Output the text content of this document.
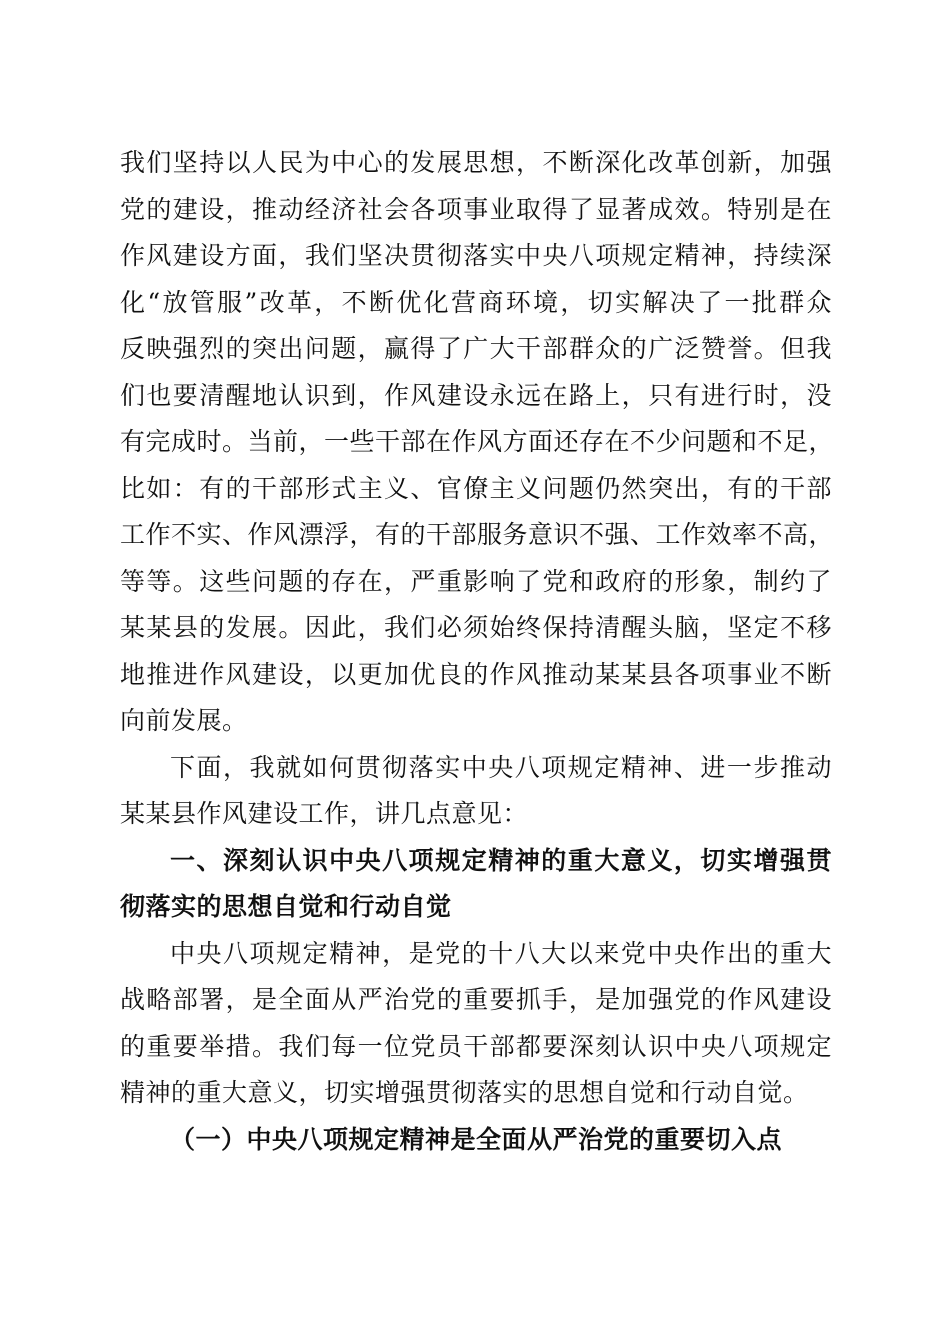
我们坚持以人民为中心的发展思想，不断深化改革创新，加强
党的建设，推动经济社会各项事业取得了显著成效。特别是在
作风建设方面，我们坚决贯彻落实中央八项规定精神，持续深
化“放管服”改革，不断优化营商环境，切实解决了一批群众
反映强烈的突出问题，赢得了广大干部群众的广泛赞誉。但我
们也要清醒地认识到，作风建设永远在路上，只有进行时，没
有完成时。当前，一些干部在作风方面还存在不少问题和不足，
比如：有的干部形式主义、官僚主义问题仍然突出，有的干部
工作不实、作风漂浮，有的干部服务意识不强、工作效率不高，
等等。这些问题的存在，严重影响了党和政府的形象，制约了
某某县的发展。因此，我们必须始终保持清醒头脑，坚定不移
地推进作风建设，以更加优良的作风推动某某县各项事业不断
向前发展。
下面，我就如何贯彻落实中央八项规定精神、进一步推动
某某县作风建设工作，讲几点意见：
一、深刻认识中央八项规定精神的重大意义，切实增强贯
彻落实的思想自觉和行动自觉
中央八项规定精神，是党的十八大以来党中央作出的重大
战略部署，是全面从严治党的重要抓手，是加强党的作风建设
的重要举措。我们每一位党员干部都要深刻认识中央八项规定
精神的重大意义，切实增强贯彻落实的思想自觉和行动自觉。
（一）中央八项规定精神是全面从严治党的重要切入点
